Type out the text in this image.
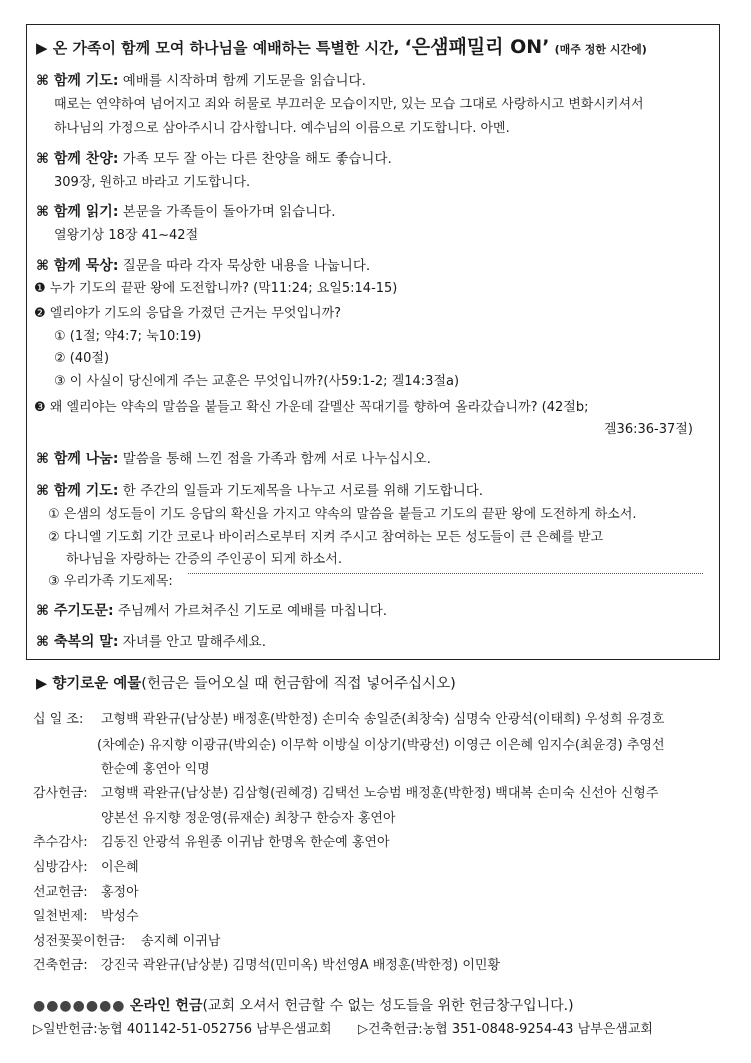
▶ 온 가족이 함께 모여 하나님을 예배하는 특별한 시간, ‘은샘패밀리 ON’ (매주 정한 시간에)
⌘ 함께 기도: 예배를 시작하며 함께 기도문을 읽습니다.
때로는 연약하여 넘어지고 죄와 허물로 부끄러운 모습이지만, 있는 모습 그대로 사랑하시고 변화시키셔서
하나님의 가정으로 삼아주시니 감사합니다. 예수님의 이름으로 기도합니다. 아멘.
⌘ 함께 찬양: 가족 모두 잘 아는 다른 찬양을 해도 좋습니다.
309장, 원하고 바라고 기도합니다.
⌘ 함께 읽기: 본문을 가족들이 돌아가며 읽습니다.
열왕기상 18장 41~42절
⌘ 함께 묵상: 질문을 따라 각자 묵상한 내용을 나눕니다.
❶ 누가 기도의 끝판 왕에 도전합니까? (막11:24; 요일5:14-15)
❷ 엘리야가 기도의 응답을 가졌던 근거는 무엇입니까?
① (1절; 약4:7; 눅10:19)
② (40절)
③ 이 사실이 당신에게 주는 교훈은 무엇입니까?(사59:1-2; 겔14:3절a)
❸ 왜 엘리야는 약속의 말씀을 붙들고 확신 가운데 갈멜산 꼭대기를 향하여 올라갔습니까? (42절b;
겔36:36-37절)
⌘ 함께 나눔: 말씀을 통해 느낀 점을 가족과 함께 서로 나누십시오.
⌘ 함께 기도: 한 주간의 일들과 기도제목을 나누고 서로를 위해 기도합니다.
① 은샘의 성도들이 기도 응답의 확신을 가지고 약속의 말씀을 붙들고 기도의 끝판 왕에 도전하게 하소서.
② 다니엘 기도회 기간 코로나 바이러스로부터 지켜 주시고 참여하는 모든 성도들이 큰 은혜를 받고
하나님을 자랑하는 간증의 주인공이 되게 하소서.
③ 우리가족 기도제목:
⌘ 주기도문: 주님께서 가르쳐주신 기도로 예배를 마칩니다.
⌘ 축복의 말: 자녀를 안고 말해주세요.
▶ 향기로운 예물(헌금은 들어오실 때 헌금함에 직접 넣어주십시오)
십 일 조: 고형백 곽완규(남상분) 배정훈(박한정) 손미숙 송일준(최창숙) 심명숙 안광석(이태희) 우성희 유경호
(차예순) 유지향 이광규(박외순) 이무학 이방실 이상기(박광선) 이영근 이은혜 임지수(최윤경) 추영선
한순예 홍연아 익명
감사헌금: 고형백 곽완규(남상분) 김삼형(권혜경) 김택선 노승범 배정훈(박한정) 백대복 손미숙 신선아 신형주
양본선 유지향 정운영(류재순) 최창구 한승자 홍연아
추수감사: 김동진 안광석 유원종 이귀남 한명옥 한순예 홍연아
심방감사: 이은혜
선교헌금: 홍정아
일천번제: 박성수
성전꽃꽂이헌금: 송지혜 이귀남
건축헌금: 강진국 곽완규(남상분) 김명석(민미옥) 박선영A 배정훈(박한정) 이민황
●●●●●●● 온라인 헌금(교회 오셔서 헌금할 수 없는 성도들을 위한 헌금창구입니다.)
▷일반헌금:농협 401142-51-052756 남부은샘교회 ▷건축헌금:농협 351-0848-9254-43 남부은샘교회
